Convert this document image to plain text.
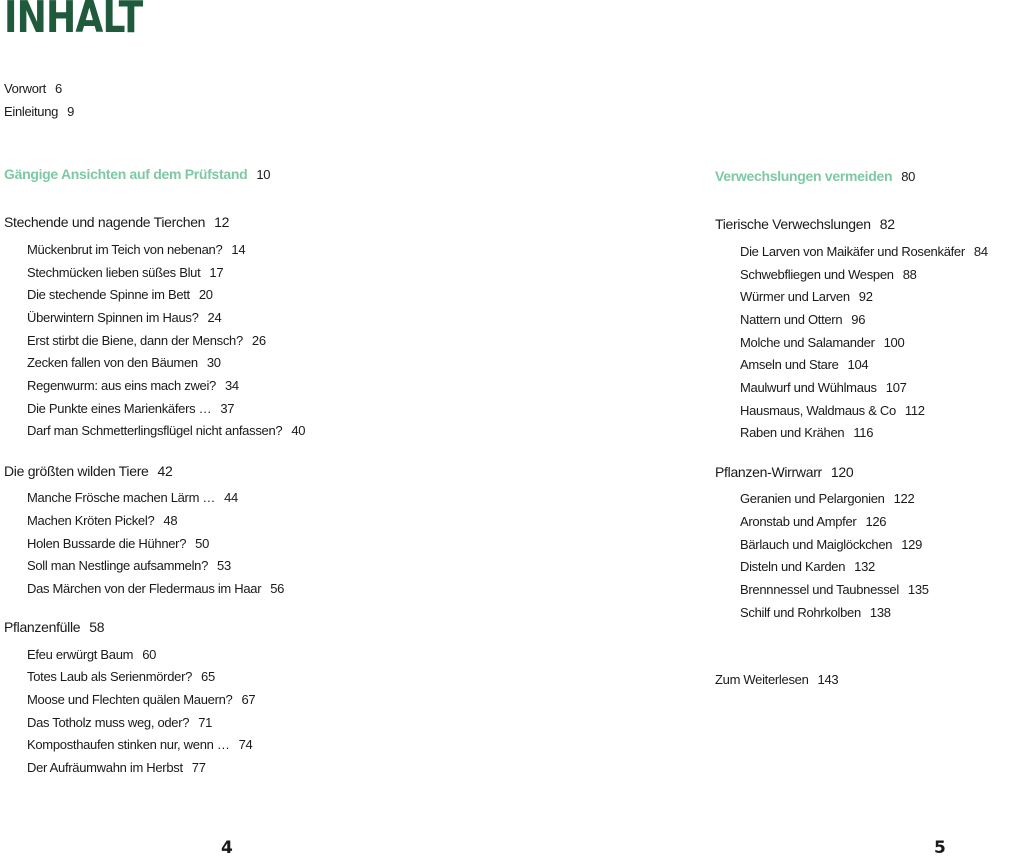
INHALT
Vorwort 6
Einleitung 9
Gängige Ansichten auf dem Prüfstand 10
Stechende und nagende Tierchen 12
Mückenbrut im Teich von nebenan? 14
Stechmücken lieben süßes Blut 17
Die stechende Spinne im Bett 20
Überwintern Spinnen im Haus? 24
Erst stirbt die Biene, dann der Mensch? 26
Zecken fallen von den Bäumen 30
Regenwurm: aus eins mach zwei? 34
Die Punkte eines Marienkäfers … 37
Darf man Schmetterlingsflügel nicht anfassen? 40
Die größten wilden Tiere 42
Manche Frösche machen Lärm … 44
Machen Kröten Pickel? 48
Holen Bussarde die Hühner? 50
Soll man Nestlinge aufsammeln? 53
Das Märchen von der Fledermaus im Haar 56
Pflanzenfülle 58
Efeu erwürgt Baum 60
Totes Laub als Serienmörder? 65
Moose und Flechten quälen Mauern? 67
Das Totholz muss weg, oder? 71
Komposthaufen stinken nur, wenn … 74
Der Aufräumwahn im Herbst 77
Verwechslungen vermeiden 80
Tierische Verwechslungen 82
Die Larven von Maikäfer und Rosenkäfer 84
Schwebfliegen und Wespen 88
Würmer und Larven 92
Nattern und Ottern 96
Molche und Salamander 100
Amseln und Stare 104
Maulwurf und Wühlmaus 107
Hausmaus, Waldmaus & Co 112
Raben und Krähen 116
Pflanzen-Wirrwarr 120
Geranien und Pelargonien 122
Aronstab und Ampfer 126
Bärlauch und Maiglöckchen 129
Disteln und Karden 132
Brennnessel und Taubnessel 135
Schilf und Rohrkolben 138
Zum Weiterlesen 143
4	5
